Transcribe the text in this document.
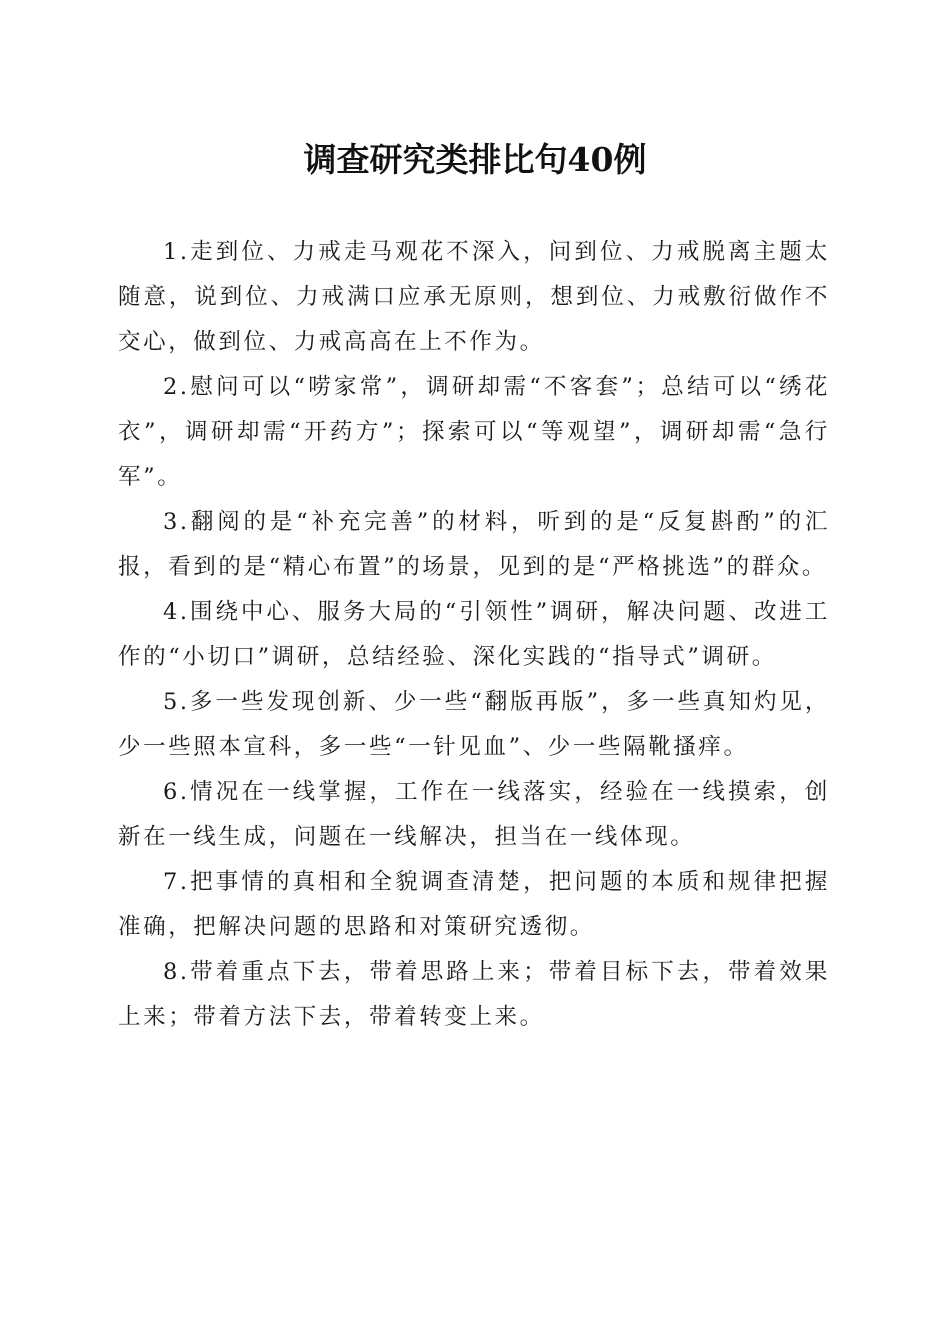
调查研究类排比句40例

1.走到位、力戒走马观花不深入，问到位、力戒脱离主题太随意，说到位、力戒满口应承无原则，想到位、力戒敷衍做作不交心，做到位、力戒高高在上不作为。

2.慰问可以“唠家常”，调研却需“不客套”；总结可以“绣花衣”，调研却需“开药方”；探索可以“等观望”，调研却需“急行军”。

3.翻阅的是“补充完善”的材料，听到的是“反复斟酌”的汇报，看到的是“精心布置”的场景，见到的是“严格挑选”的群众。

4.围绕中心、服务大局的“引领性”调研，解决问题、改进工作的“小切口”调研，总结经验、深化实践的“指导式”调研。

5.多一些发现创新、少一些“翻版再版”，多一些真知灼见，少一些照本宣科，多一些“一针见血”、少一些隔靴搔痒。

6.情况在一线掌握，工作在一线落实，经验在一线摸索，创新在一线生成，问题在一线解决，担当在一线体现。

7.把事情的真相和全貌调查清楚，把问题的本质和规律把握准确，把解决问题的思路和对策研究透彻。

8.带着重点下去，带着思路上来；带着目标下去，带着效果上来；带着方法下去，带着转变上来。
